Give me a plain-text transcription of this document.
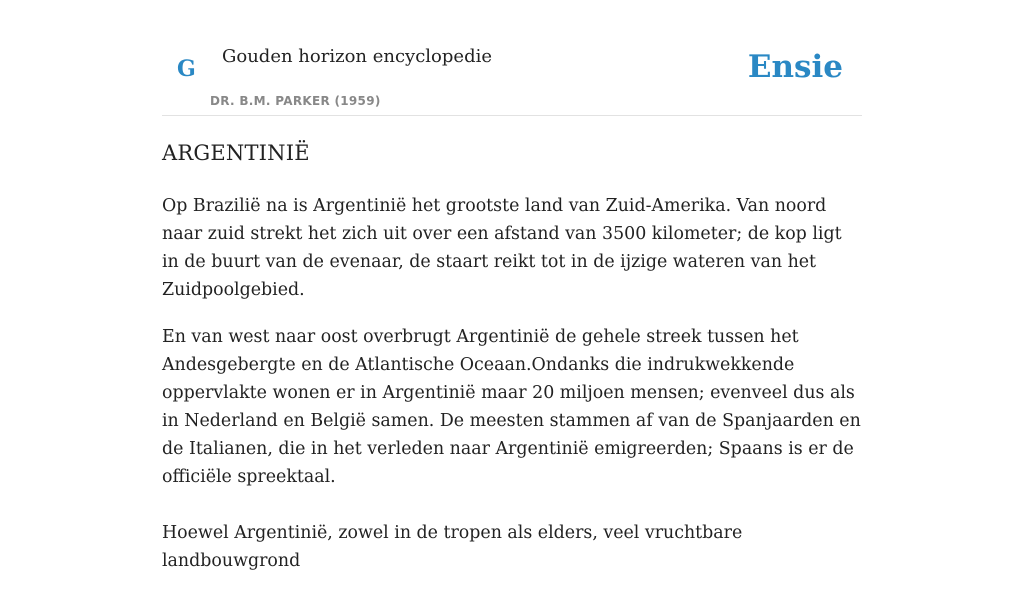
G Gouden horizon encyclopedie
DR. B.M. PARKER (1959)
Ensie
ARGENTINIË

Op Brazilië na is Argentinië het grootste land van Zuid-Amerika. Van noord naar zuid strekt het zich uit over een afstand van 3500 kilometer; de kop ligt in de buurt van de evenaar, de staart reikt tot in de ijzige wateren van het Zuidpoolgebied.

En van west naar oost overbrugt Argentinië de gehele streek tussen het Andesgebergte en de Atlantische Oceaan.Ondanks die indrukwekkende oppervlakte wonen er in Argentinië maar 20 miljoen mensen; evenveel dus als in Nederland en België samen. De meesten stammen af van de Spanjaarden en de Italianen, die in het verleden naar Argentinië emigreerden; Spaans is er de officiële spreektaal.

Hoewel Argentinië, zowel in de tropen als elders, veel vruchtbare landbouwgrond
